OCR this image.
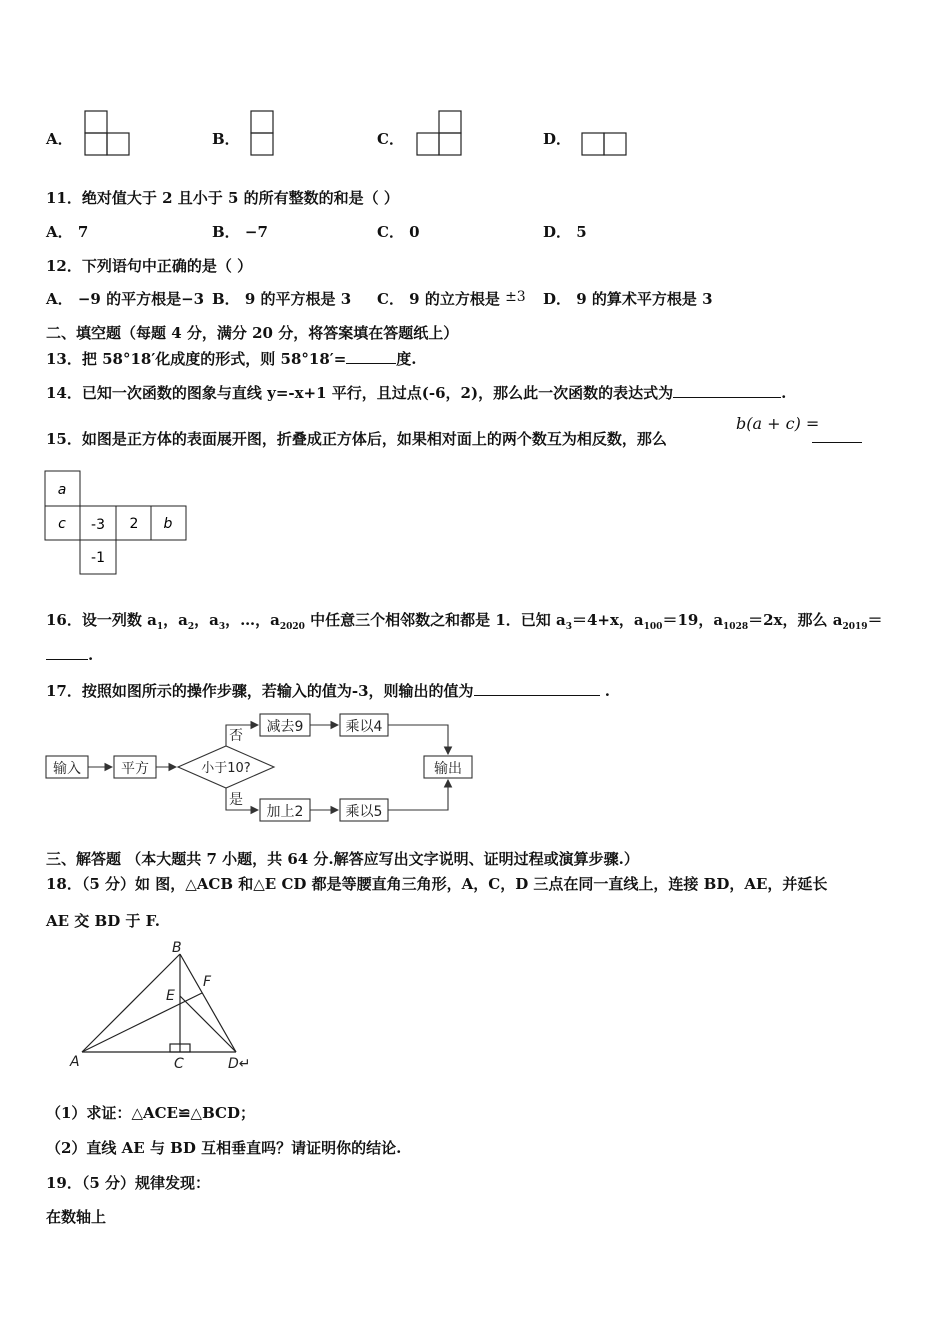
A．	B．	C．	D．
11．绝对值大于 2 且小于 5 的所有整数的和是（ ）
A． 7	B． −7	C． 0	D． 5
12．下列语句中正确的是（ ）
A． −9 的平方根是−3 B． 9 的平方根是 3 C． 9 的立方根是 ±3 D． 9 的算术平方根是 3
二、填空题（每题 4 分，满分 20 分，将答案填在答题纸上）
13．把 58°18′化成度的形式，则 58°18′=	度.
14．已知一次函数的图象与直线 y=-x+1 平行，且过点(-6，2)，那么此一次函数的表达式为	.
15．如图是正方体的表面展开图，折叠成正方体后，如果相对面上的两个数互为相反数，那么
b(a + c) =
a
c -3 2 b
-1
16．设一列数 $a_1$，$a_2$，$a_3$，…，$a_{2020}$ 中任意三个相邻数之和都是 1．已知 $a_3=4+x$，$a_{100}=19$，$a_{1028}=2x$，那么 $a_{2019}=$
.
17．按照如图所示的操作步骤，若输入的值为-3，则输出的值为	.
输入	平方	小于10?
否
是
减去9	乘以4
加上2	乘以5
输出
三、解答题 （本大题共 7 小题，共 64 分.解答应写出文字说明、证明过程或演算步骤.）
18．（5 分）如 图，△ACB 和△E CD 都是等腰直角三角形，A，C，D 三点在同一直线上，连接 BD，AE，并延长
AE 交 BD 于 F.
A
B
C	D↵
E
F
（1）求证：△ACE≌△BCD；
（2）直线 AE 与 BD 互相垂直吗？请证明你的结论.
19．（5 分）规律发现：
在数轴上
